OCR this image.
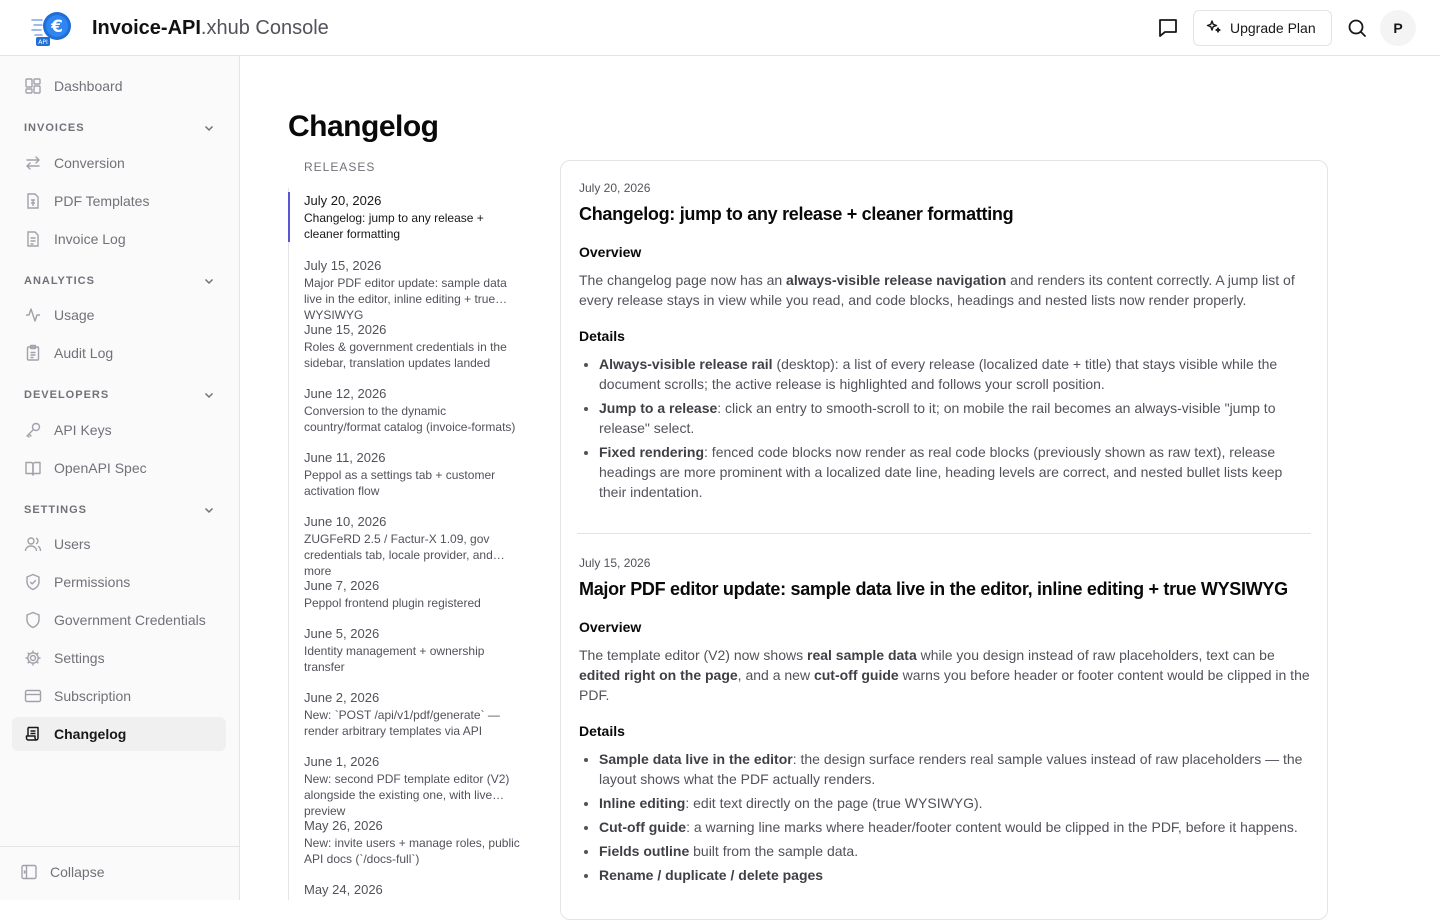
€
API
Invoice-API.xhub Console	Upgrade Plan	P
Dashboard
INVOICES
Conversion
PDF Templates
Invoice Log
ANALYTICS
Usage
Audit Log
DEVELOPERS
API Keys
OpenAPI Spec
SETTINGS
Users
Permissions
Government Credentials
Settings
Subscription
Changelog
Collapse
Changelog
RELEASES
July 20, 2026
Changelog: jump to any release + cleaner formatting
July 15, 2026
Major PDF editor update: sample data live in the editor, inline editing + true WYSIWYG
June 15, 2026
Roles & government credentials in the sidebar, translation updates landed
June 12, 2026
Conversion to the dynamic country/format catalog (invoice-formats)
June 11, 2026
Peppol as a settings tab + customer activation flow
June 10, 2026
ZUGFeRD 2.5 / Factur-X 1.09, gov credentials tab, locale provider, and more
June 7, 2026
Peppol frontend plugin registered
June 5, 2026
Identity management + ownership transfer
June 2, 2026
New: `POST /api/v1/pdf/generate` — render arbitrary templates via API
June 1, 2026
New: second PDF template editor (V2) alongside the existing one, with live preview
May 26, 2026
New: invite users + manage roles, public API docs (`/docs-full`)
May 24, 2026
July 20, 2026
Changelog: jump to any release + cleaner formatting
Overview

The changelog page now has an always-visible release navigation and renders its content correctly. A jump list of every release stays in view while you read, and code blocks, headings and nested lists now render properly.

Details
• Always-visible release rail (desktop): a list of every release (localized date + title) that stays visible while the document scrolls; the active release is highlighted and follows your scroll position.
• Jump to a release: click an entry to smooth-scroll to it; on mobile the rail becomes an always-visible "jump to release" select.
• Fixed rendering: fenced code blocks now render as real code blocks (previously shown as raw text), release headings are more prominent with a localized date line, heading levels are correct, and nested bullet lists keep their indentation.
July 15, 2026
Major PDF editor update: sample data live in the editor, inline editing + true WYSIWYG
Overview

The template editor (V2) now shows real sample data while you design instead of raw placeholders, text can be edited right on the page, and a new cut-off guide warns you before header or footer content would be clipped in the PDF.

Details
• Sample data live in the editor: the design surface renders real sample values instead of raw placeholders — the layout shows what the PDF actually renders.
• Inline editing: edit text directly on the page (true WYSIWYG).
• Cut-off guide: a warning line marks where header/footer content would be clipped in the PDF, before it happens.
• Fields outline built from the sample data.
• Rename / duplicate / delete pages
